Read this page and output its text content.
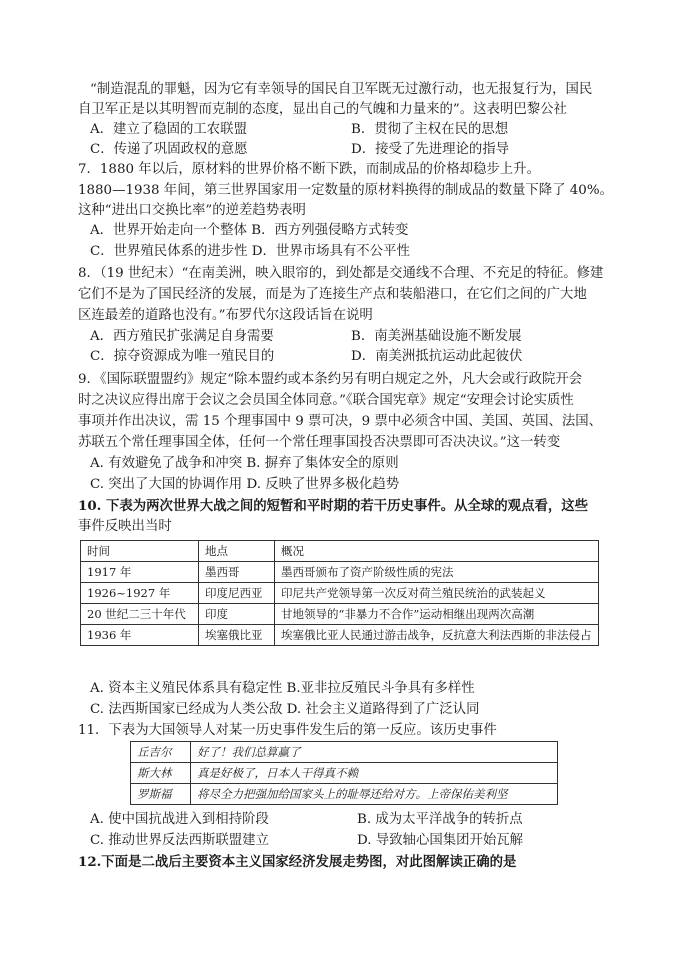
“制造混乱的罪魁，因为它有幸领导的国民自卫军既无过激行动，也无报复行为，国民
自卫军正是以其明智而克制的态度，显出自己的气魄和力量来的”。这表明巴黎公社
A．建立了稳固的工农联盟	B．贯彻了主权在民的思想
C．传递了巩固政权的意愿	D．接受了先进理论的指导
7．1880 年以后，原材料的世界价格不断下跌，而制成品的价格却稳步上升。
1880—1938 年间，第三世界国家用一定数量的原材料换得的制成品的数量下降了 40%。
这种“进出口交换比率”的逆差趋势表明
A．世界开始走向一个整体 B．西方列强侵略方式转变
C．世界殖民体系的进步性 D．世界市场具有不公平性
8．（19 世纪末）“在南美洲，映入眼帘的，到处都是交通线不合理、不充足的特征。修建
它们不是为了国民经济的发展，而是为了连接生产点和装船港口，在它们之间的广大地
区连最差的道路也没有。”布罗代尔这段话旨在说明
A．西方殖民扩张满足自身需要	B．南美洲基础设施不断发展
C．掠夺资源成为唯一殖民目的	D．南美洲抵抗运动此起彼伏
9．《国际联盟盟约》规定“除本盟约或本条约另有明白规定之外，凡大会或行政院开会
时之决议应得出席于会议之会员国全体同意。”《联合国宪章》规定“安理会讨论实质性
事项并作出决议，需 15 个理事国中 9 票可决，9 票中必须含中国、美国、英国、法国、
苏联五个常任理事国全体，任何一个常任理事国投否决票即可否决决议。”这一转变
A. 有效避免了战争和冲突 B. 摒弃了集体安全的原则
C. 突出了大国的协调作用 D. 反映了世界多极化趋势
10. 下表为两次世界大战之间的短暂和平时期的若干历史事件。从全球的观点看，这些
事件反映出当时
时间	地点	概况
1917 年	墨西哥	墨西哥颁布了资产阶级性质的宪法
1926~1927 年	印度尼西亚	印尼共产党领导第一次反对荷兰殖民统治的武装起义
20 世纪二三十年代	印度	甘地领导的“非暴力不合作”运动相继出现两次高潮
1936 年	埃塞俄比亚	埃塞俄比亚人民通过游击战争，反抗意大利法西斯的非法侵占
A. 资本主义殖民体系具有稳定性 B.亚非拉反殖民斗争具有多样性
C. 法西斯国家已经成为人类公敌 D. 社会主义道路得到了广泛认同
11．下表为大国领导人对某一历史事件发生后的第一反应。该历史事件
丘吉尔	好了！我们总算赢了
斯大林	真是好极了，日本人干得真不赖
罗斯福	将尽全力把强加给国家头上的耻辱还给对方。上帝保佑美利坚
A. 使中国抗战进入到相持阶段	B. 成为太平洋战争的转折点
C. 推动世界反法西斯联盟建立	D. 导致轴心国集团开始瓦解
12.下面是二战后主要资本主义国家经济发展走势图，对此图解读正确的是
